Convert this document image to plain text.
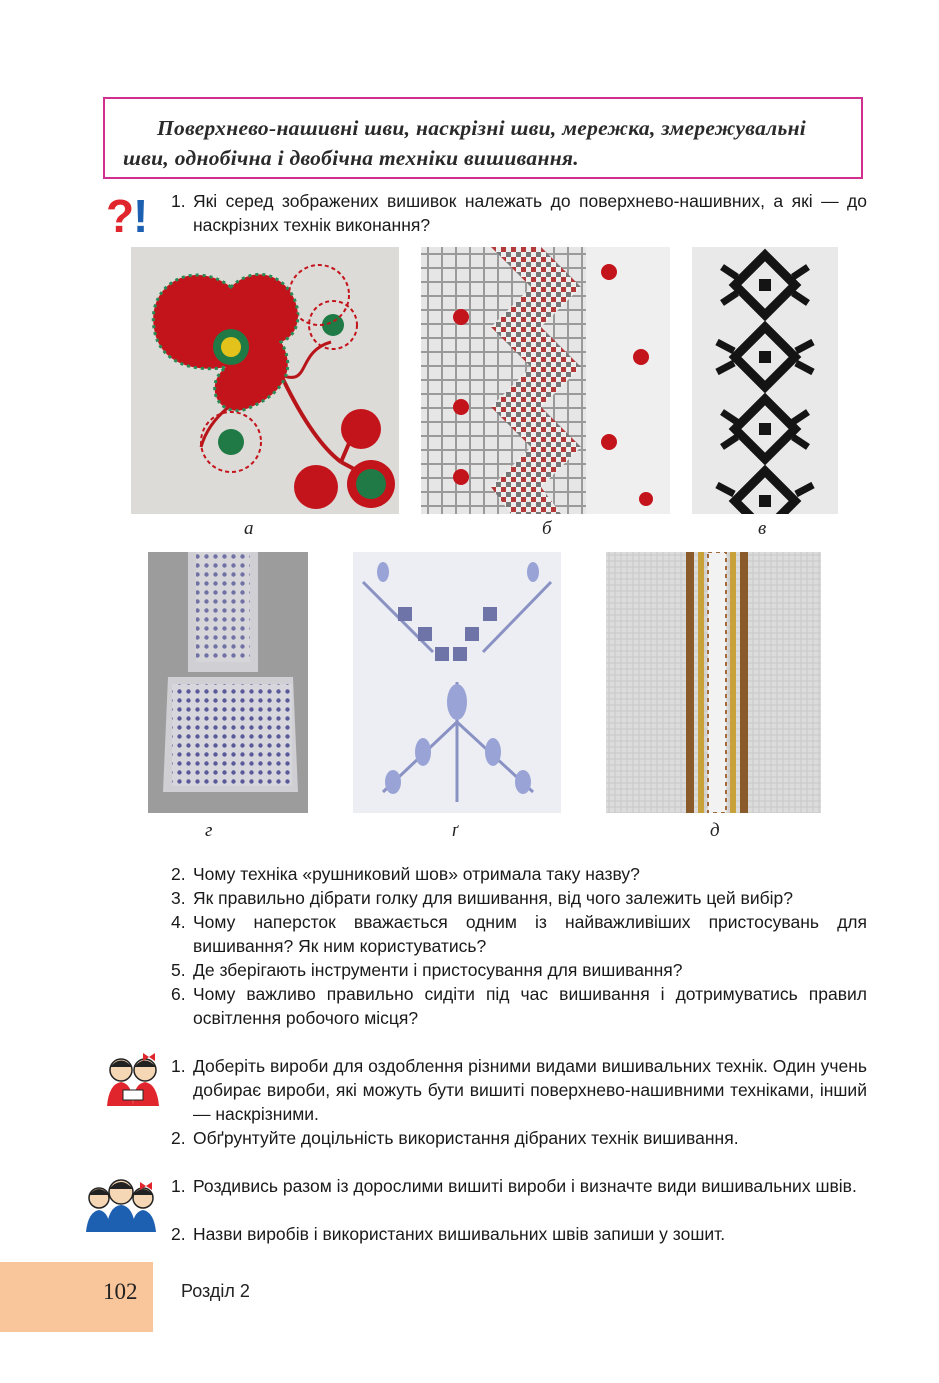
Поверхнево-нашивні шви, наскрізні шви, мережка, змережувальні шви, однобічна і двобічна техніки вишивання.
?
! 1. Які серед зображених вишивок належать до поверхнево-нашивних, а які — до наскрізних технік виконання?
а	б	в
г	ґ	д
2. Чому техніка «рушниковий шов» отримала таку назву?
3. Як правильно дібрати голку для вишивання, від чого залежить цей вибір?
4. Чому наперсток вважається одним із найважливіших пристосувань для вишивання? Як ним користуватись?
5. Де зберігають інструменти і пристосування для вишивання?
6. Чому важливо правильно сидіти під час вишивання і дотримуватись правил освітлення робочого місця?
1. Доберіть вироби для оздоблення різними видами вишивальних технік. Один учень добирає вироби, які можуть бути вишиті поверхнево-нашивними техніками, інший — наскрізними.
2. Обґрунтуйте доцільність використання дібраних технік вишивання.
1. Роздивись разом із дорослими вишиті вироби і визначте види вишивальних швів.
2. Назви виробів і використаних вишивальних швів запиши у зошит.
102 Розділ 2
